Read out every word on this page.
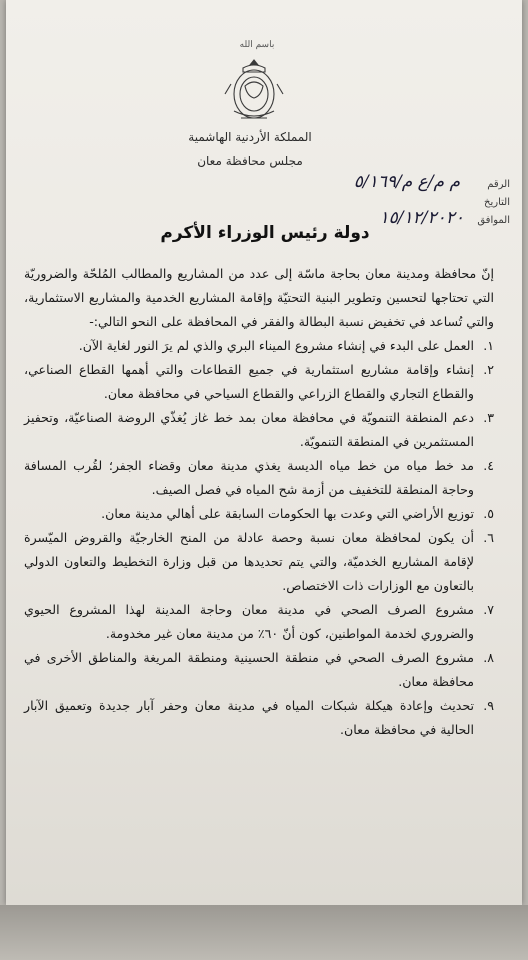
باسم الله
المملكة الأردنية الهاشمية
مجلس محافظة معان
الرقم
م م/ع م/٥/١٦٩
التاريخ
الموافق
١٥/١٢/٢٠٢٠
دولة رئيس الوزراء الأكرم

إنّ محافظة ومدينة معان بحاجة ماسّة إلى عدد من المشاريع والمطالب المُلحّة والضروريّة التي تحتاجها لتحسين وتطوير البنية التحتيّة وإقامة المشاريع الخدمية والمشاريع الاستثمارية، والتي تُساعد في تخفيض نسبة البطالة والفقر في المحافظة على النحو التالي:-

١.
العمل على البدء في إنشاء مشروع الميناء البري والذي لم يرَ النور لغاية الآن.
٢.
إنشاء وإقامة مشاريع استثمارية في جميع القطاعات والتي أهمها القطاع الصناعي، والقطاع التجاري والقطاع الزراعي والقطاع السياحي في محافظة معان.
٣.
دعم المنطقة التنمويّة في محافظة معان بمد خط غاز يُغذّي الروضة الصناعيّة، وتحفيز المستثمرين في المنطقة التنمويّة.
٤.
مد خط مياه من خط مياه الديسة يغذي مدينة معان وقضاء الجفر؛ لقُرب المسافة وحاجة المنطقة للتخفيف من أزمة شح المياه في فصل الصيف.
٥.
توزيع الأراضي التي وعدت بها الحكومات السابقة على أهالي مدينة معان.
٦.
أن يكون لمحافظة معان نسبة وحصة عادلة من المنح الخارجيّة والقروض الميّسرة لإقامة المشاريع الخدميّة، والتي يتم تحديدها من قبل وزارة التخطيط والتعاون الدولي بالتعاون مع الوزارات ذات الاختصاص.
٧.
مشروع الصرف الصحي في مدينة معان وحاجة المدينة لهذا المشروع الحيوي والضروري لخدمة المواطنين، كون أنّ ٦٠٪ من مدينة معان غير مخدومة.
٨.
مشروع الصرف الصحي في منطقة الحسينية ومنطقة المريغة والمناطق الأخرى في محافظة معان.
٩.
تحديث وإعادة هيكلة شبكات المياه في مدينة معان وحفر آبار جديدة وتعميق الآبار الحالية في محافظة معان.
